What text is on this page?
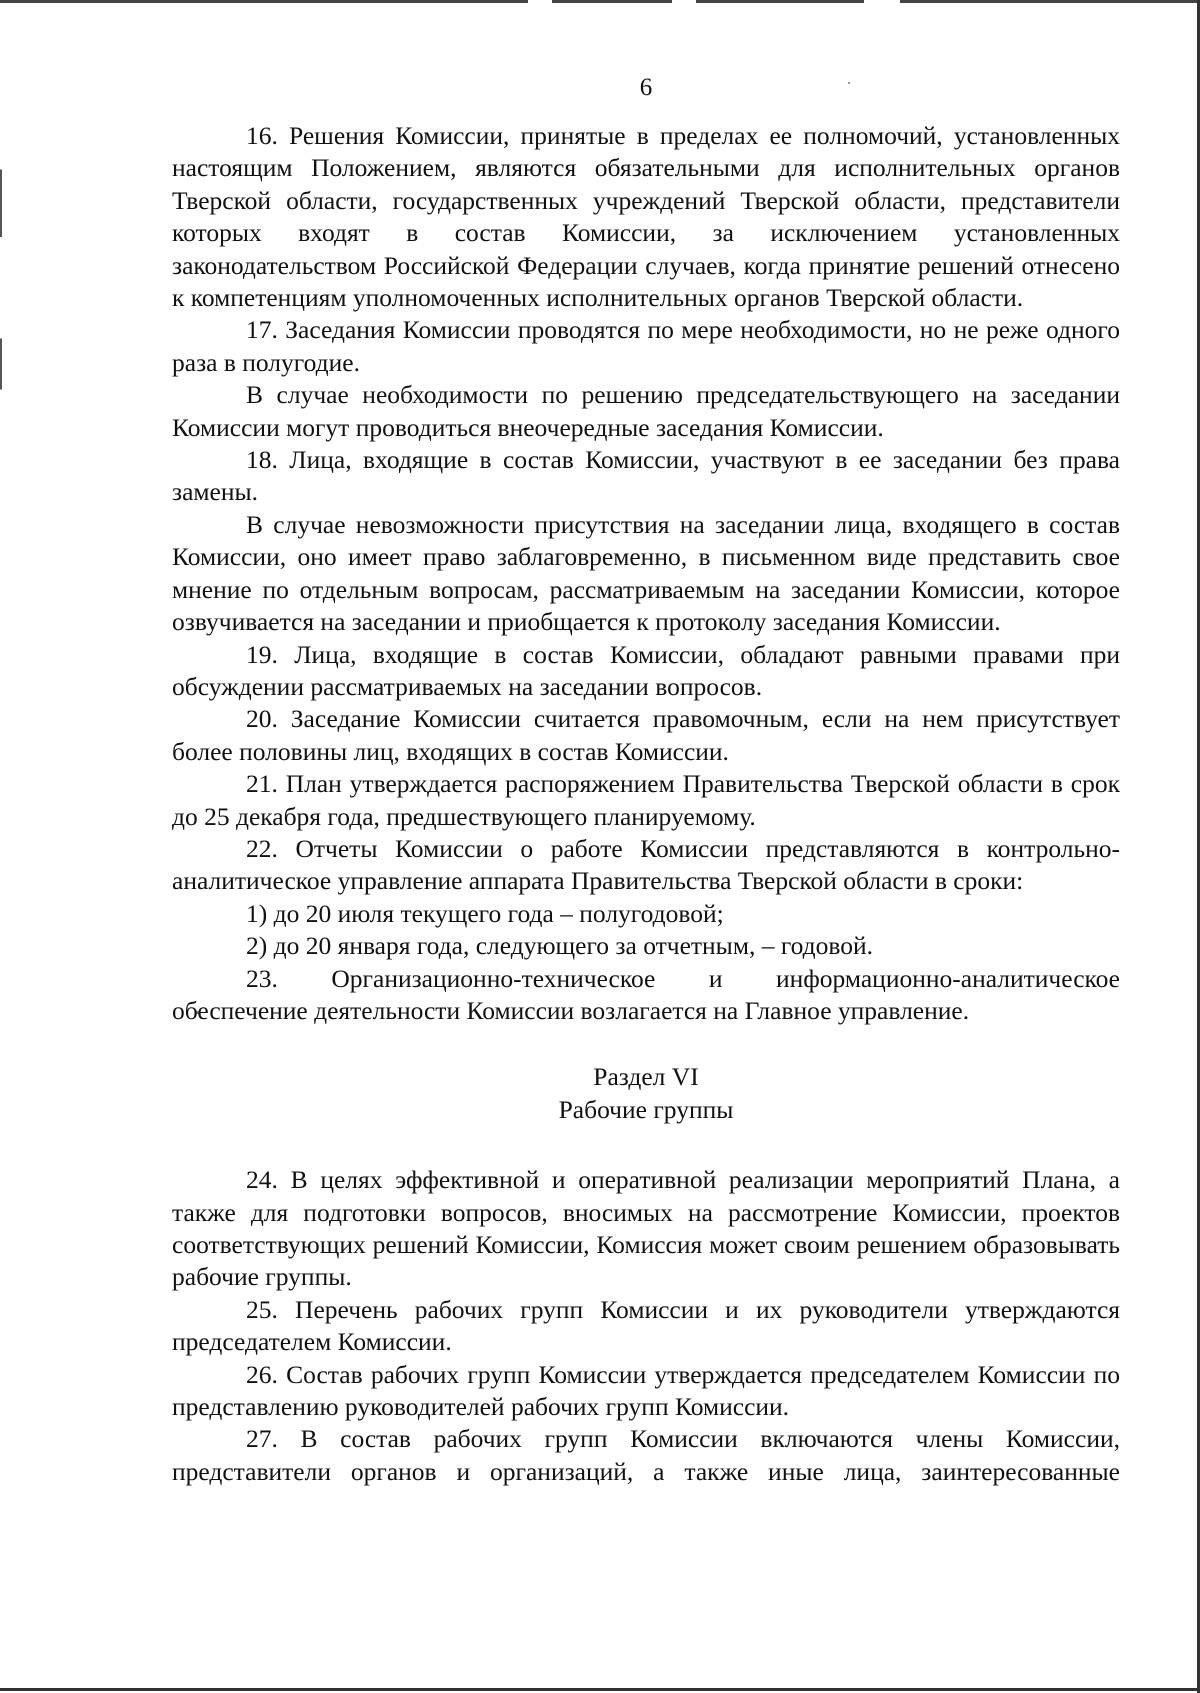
6

16. Решения Комиссии, принятые в пределах ее полномочий, установленных настоящим Положением, являются обязательными для исполнительных органов Тверской области, государственных учреждений Тверской области, представители которых входят в состав Комиссии, за исключением установленных законодательством Российской Федерации случаев, когда принятие решений отнесено к компетенциям уполномоченных исполнительных органов Тверской области.

17. Заседания Комиссии проводятся по мере необходимости, но не реже одного раза в полугодие.

В случае необходимости по решению председательствующего на заседании Комиссии могут проводиться внеочередные заседания Комиссии.

18. Лица, входящие в состав Комиссии, участвуют в ее заседании без права замены.

В случае невозможности присутствия на заседании лица, входящего в состав Комиссии, оно имеет право заблаговременно, в письменном виде представить свое мнение по отдельным вопросам, рассматриваемым на заседании Комиссии, которое озвучивается на заседании и приобщается к протоколу заседания Комиссии.

19. Лица, входящие в состав Комиссии, обладают равными правами при обсуждении рассматриваемых на заседании вопросов.

20. Заседание Комиссии считается правомочным, если на нем присутствует более половины лиц, входящих в состав Комиссии.

21. План утверждается распоряжением Правительства Тверской области в срок до 25 декабря года, предшествующего планируемому.

22. Отчеты Комиссии о работе Комиссии представляются в контрольно-аналитическое управление аппарата Правительства Тверской области в сроки:

1) до 20 июля текущего года – полугодовой;

2) до 20 января года, следующего за отчетным, – годовой.

23. Организационно-техническое и информационно-аналитическое обеспечение деятельности Комиссии возлагается на Главное управление.

Раздел VI

Рабочие группы

24. В целях эффективной и оперативной реализации мероприятий Плана, а также для подготовки вопросов, вносимых на рассмотрение Комиссии, проектов соответствующих решений Комиссии, Комиссия может своим решением образовывать рабочие группы.

25. Перечень рабочих групп Комиссии и их руководители утверждаются председателем Комиссии.

26. Состав рабочих групп Комиссии утверждается председателем Комиссии по представлению руководителей рабочих групп Комиссии.

27. В состав рабочих групп Комиссии включаются члены Комиссии, представители органов и организаций, а также иные лица, заинтересованные
